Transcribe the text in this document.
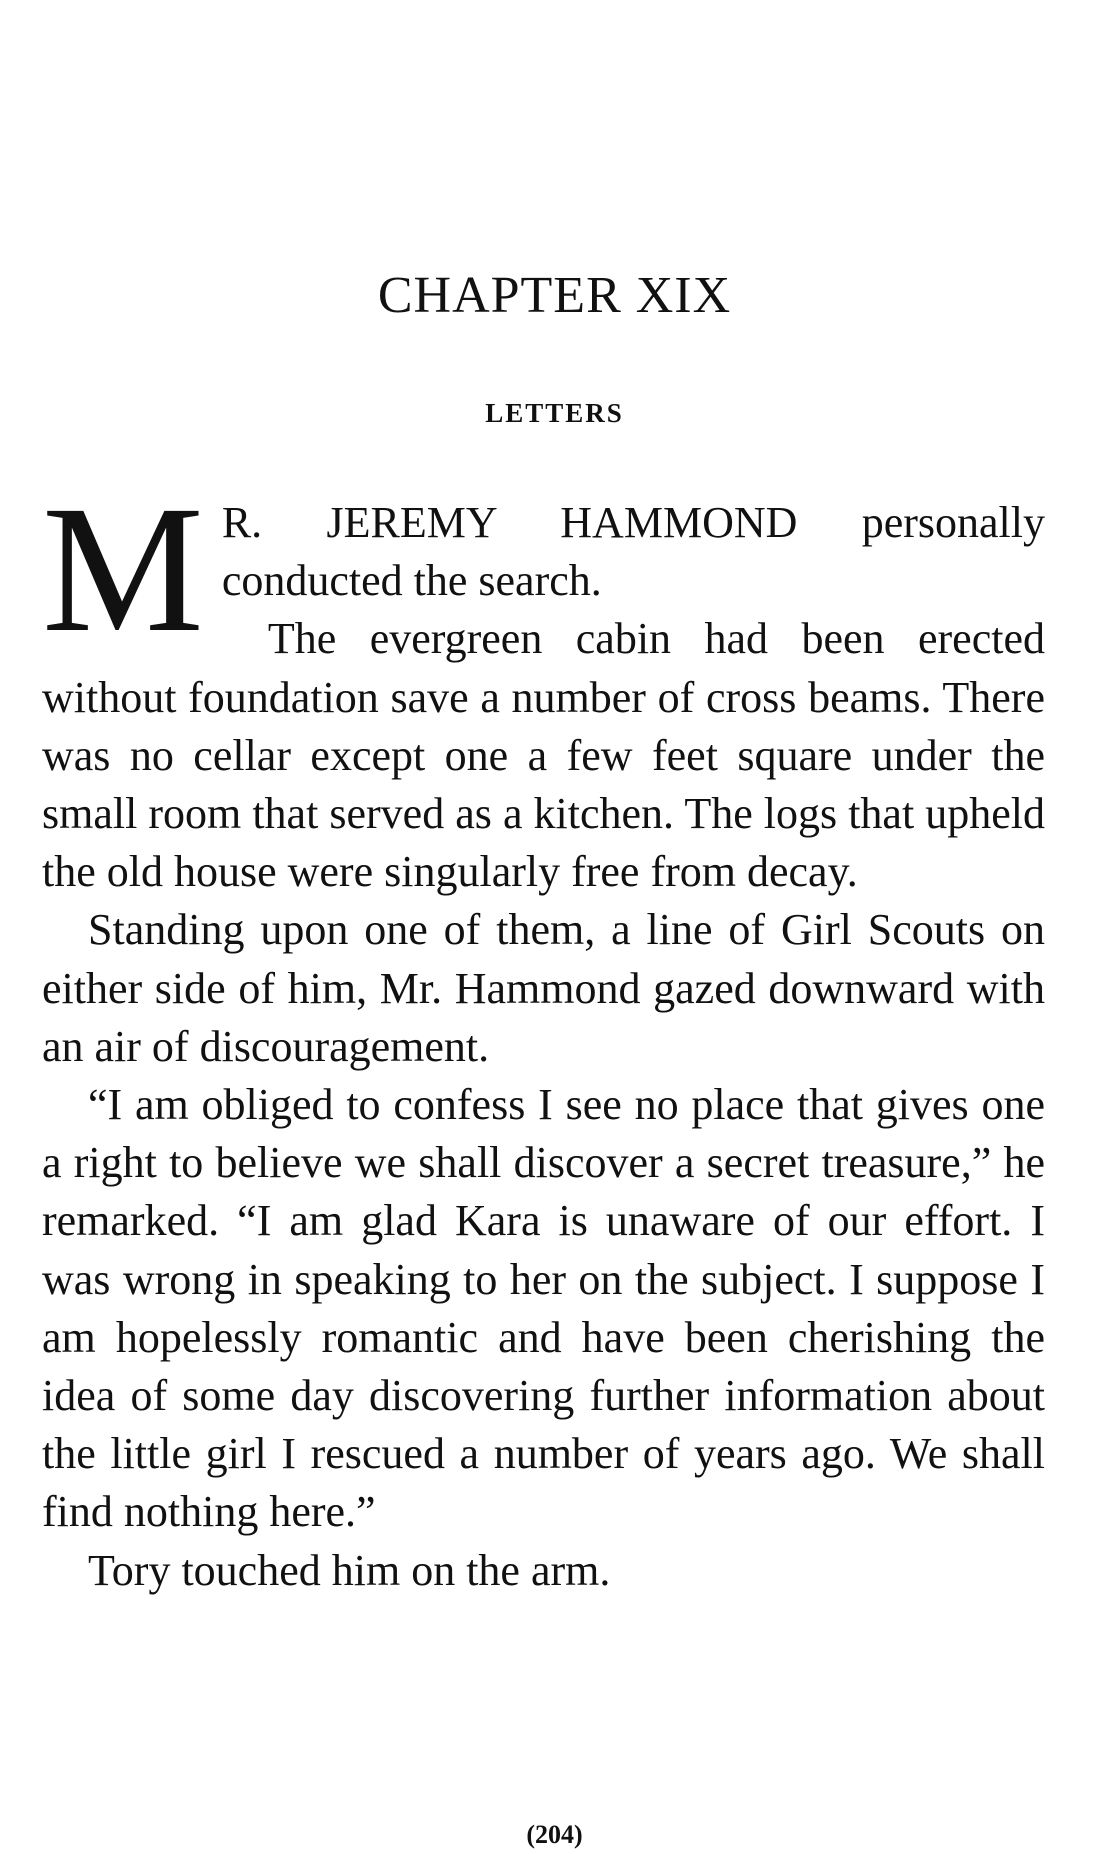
CHAPTER XIX
LETTERS
M R. JEREMY HAMMOND personally conducted the search.

The evergreen cabin had been erected without foundation save a number of cross beams. There was no cellar except one a few feet square under the small room that served as a kitchen. The logs that upheld the old house were singularly free from decay.

Standing upon one of them, a line of Girl Scouts on either side of him, Mr. Hammond gazed downward with an air of discouragement.

“I am obliged to confess I see no place that gives one a right to believe we shall discover a secret treasure,” he remarked. “I am glad Kara is unaware of our effort. I was wrong in speaking to her on the subject. I suppose I am hopelessly romantic and have been cherishing the idea of some day discovering further information about the little girl I rescued a number of years ago. We shall find nothing here.”

Tory touched him on the arm.

(204)
